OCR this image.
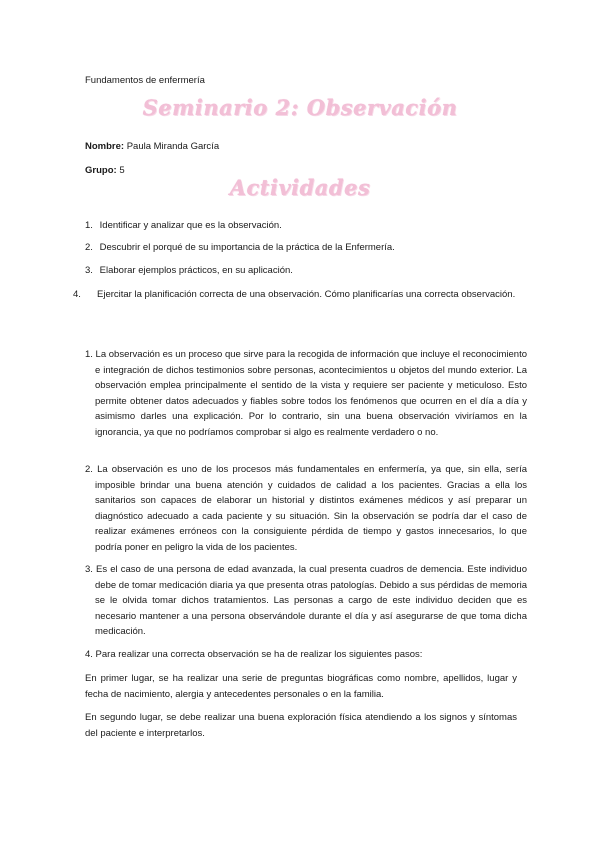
Fundamentos de enfermería
Seminario 2: Observación
Nombre: Paula Miranda García
Grupo: 5
Actividades
1. Identificar y analizar que es la observación.
2. Descubrir el porqué de su importancia de la práctica de la Enfermería.
3. Elaborar ejemplos prácticos, en su aplicación.
4. Ejercitar la planificación correcta de una observación. Cómo planificarías una correcta observación.
1. La observación es un proceso que sirve para la recogida de información que incluye el reconocimiento e integración de dichos testimonios sobre personas, acontecimientos u objetos del mundo exterior. La observación emplea principalmente el sentido de la vista y requiere ser paciente y meticuloso. Esto permite obtener datos adecuados y fiables sobre todos los fenómenos que ocurren en el día a día y asimismo darles una explicación. Por lo contrario, sin una buena observación viviríamos en la ignorancia, ya que no podríamos comprobar si algo es realmente verdadero o no.
2. La observación es uno de los procesos más fundamentales en enfermería, ya que, sin ella, sería imposible brindar una buena atención y cuidados de calidad a los pacientes. Gracias a ella los sanitarios son capaces de elaborar un historial y distintos exámenes médicos y así preparar un diagnóstico adecuado a cada paciente y su situación. Sin la observación se podría dar el caso de realizar exámenes erróneos con la consiguiente pérdida de tiempo y gastos innecesarios, lo que podría poner en peligro la vida de los pacientes.
3. Es el caso de una persona de edad avanzada, la cual presenta cuadros de demencia. Este individuo debe de tomar medicación diaria ya que presenta otras patologías. Debido a sus pérdidas de memoria se le olvida tomar dichos tratamientos. Las personas a cargo de este individuo deciden que es necesario mantener a una persona observándole durante el día y así asegurarse de que toma dicha medicación.
4. Para realizar una correcta observación se ha de realizar los siguientes pasos:
En primer lugar, se ha realizar una serie de preguntas biográficas como nombre, apellidos, lugar y fecha de nacimiento, alergia y antecedentes personales o en la familia.
En segundo lugar, se debe realizar una buena exploración física atendiendo a los signos y síntomas del paciente e interpretarlos.
